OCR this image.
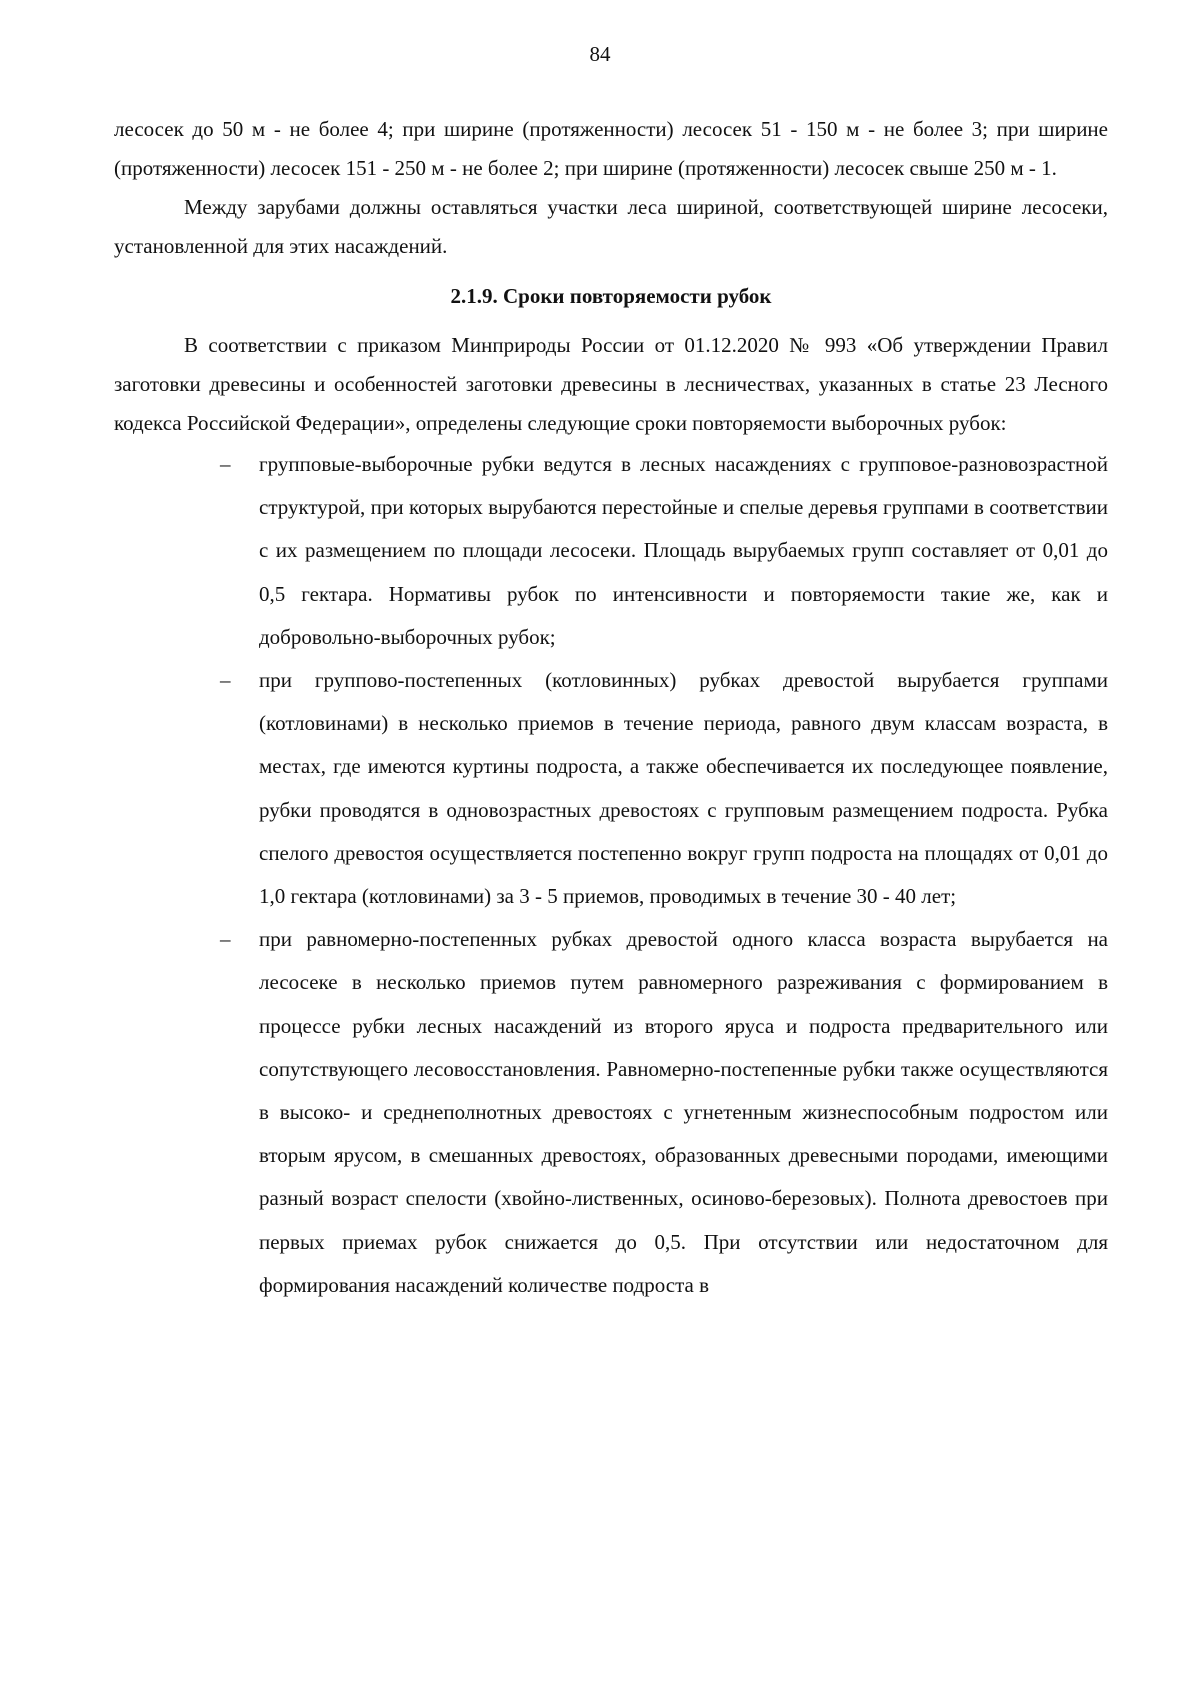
84

лесосек до 50 м - не более 4; при ширине (протяженности) лесосек 51 - 150 м - не более 3; при ширине (протяженности) лесосек 151 - 250 м - не более 2; при ширине (протяженности) лесосек свыше 250 м - 1.

Между зарубами должны оставляться участки леса шириной, соответствующей ширине лесосеки, установленной для этих насаждений.

2.1.9. Сроки повторяемости рубок

В соответствии с приказом Минприроды России от 01.12.2020 № 993 «Об утверждении Правил заготовки древесины и особенностей заготовки древесины в лесничествах, указанных в статье 23 Лесного кодекса Российской Федерации», определены следующие сроки повторяемости выборочных рубок:

– групповые-выборочные рубки ведутся в лесных насаждениях с групповое-разновозрастной структурой, при которых вырубаются перестойные и спелые деревья группами в соответствии с их размещением по площади лесосеки. Площадь вырубаемых групп составляет от 0,01 до 0,5 гектара. Нормативы рубок по интенсивности и повторяемости такие же, как и добровольно-выборочных рубок;
– при группово-постепенных (котловинных) рубках древостой вырубается группами (котловинами) в несколько приемов в течение периода, равного двум классам возраста, в местах, где имеются куртины подроста, а также обеспечивается их последующее появление, рубки проводятся в одновозрастных древостоях с групповым размещением подроста. Рубка спелого древостоя осуществляется постепенно вокруг групп подроста на площадях от 0,01 до 1,0 гектара (котловинами) за 3 - 5 приемов, проводимых в течение 30 - 40 лет;
– при равномерно-постепенных рубках древостой одного класса возраста вырубается на лесосеке в несколько приемов путем равномерного разреживания с формированием в процессе рубки лесных насаждений из второго яруса и подроста предварительного или сопутствующего лесовосстановления. Равномерно-постепенные рубки также осуществляются в высоко- и среднеполнотных древостоях с угнетенным жизнеспособным подростом или вторым ярусом, в смешанных древостоях, образованных древесными породами, имеющими разный возраст спелости (хвойно-лиственных, осиново-березовых). Полнота древостоев при первых приемах рубок снижается до 0,5. При отсутствии или недостаточном для формирования насаждений количестве подроста в
